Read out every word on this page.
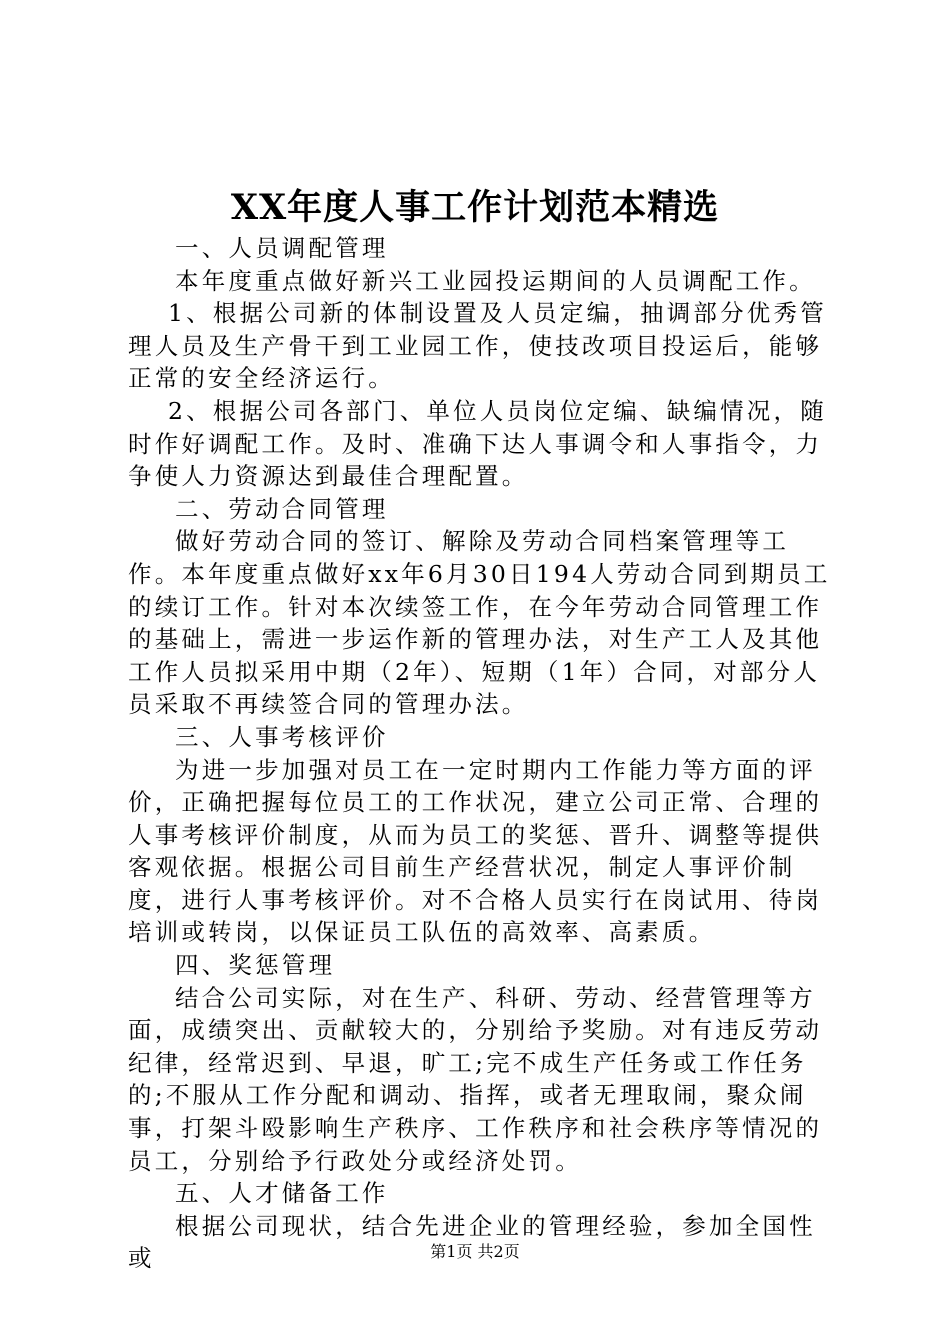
XX年度人事工作计划范本精选

一、人员调配管理

本年度重点做好新兴工业园投运期间的人员调配工作。

1、根据公司新的体制设置及人员定编，抽调部分优秀管理人员及生产骨干到工业园工作，使技改项目投运后，能够正常的安全经济运行。

2、根据公司各部门、单位人员岗位定编、缺编情况，随时作好调配工作。及时、准确下达人事调令和人事指令，力争使人力资源达到最佳合理配置。

二、劳动合同管理

做好劳动合同的签订、解除及劳动合同档案管理等工作。本年度重点做好xx年6月30日194人劳动合同到期员工的续订工作。针对本次续签工作，在今年劳动合同管理工作的基础上，需进一步运作新的管理办法，对生产工人及其他工作人员拟采用中期（2年）、短期（1年）合同，对部分人员采取不再续签合同的管理办法。

三、人事考核评价

为进一步加强对员工在一定时期内工作能力等方面的评价，正确把握每位员工的工作状况，建立公司正常、合理的人事考核评价制度，从而为员工的奖惩、晋升、调整等提供客观依据。根据公司目前生产经营状况，制定人事评价制度，进行人事考核评价。对不合格人员实行在岗试用、待岗培训或转岗，以保证员工队伍的高效率、高素质。

四、奖惩管理

结合公司实际，对在生产、科研、劳动、经营管理等方面，成绩突出、贡献较大的，分别给予奖励。对有违反劳动纪律，经常迟到、早退，旷工;完不成生产任务或工作任务的;不服从工作分配和调动、指挥，或者无理取闹，聚众闹事，打架斗殴影响生产秩序、工作秩序和社会秩序等情况的员工，分别给予行政处分或经济处罚。

五、人才储备工作

根据公司现状，结合先进企业的管理经验，参加全国性或	第1页 共2页
